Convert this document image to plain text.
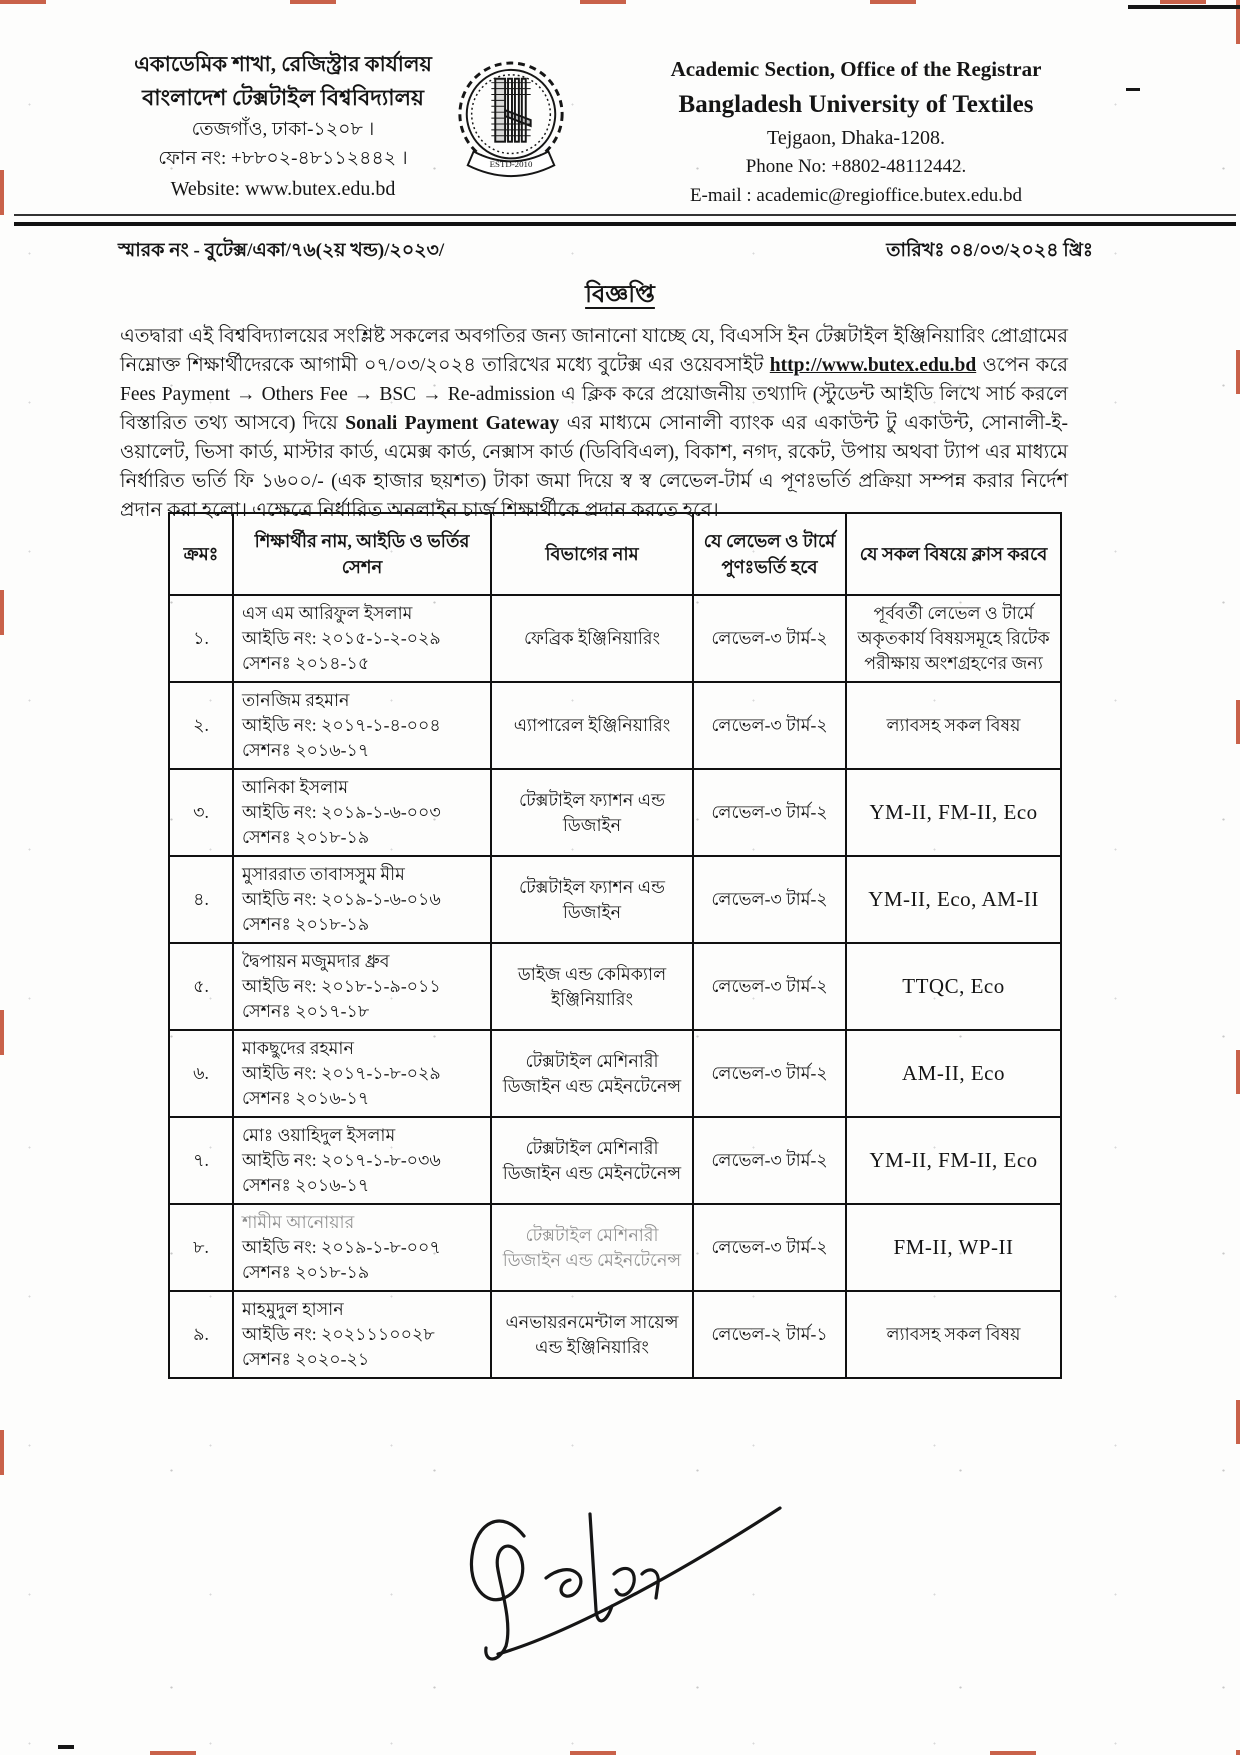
একাডেমিক শাখা, রেজিস্ট্রার কার্যালয়
বাংলাদেশ টেক্সটাইল বিশ্ববিদ্যালয়
তেজগাঁও, ঢাকা-১২০৮ ।
ফোন নং: +৮৮০২-৪৮১১২৪৪২ ।
Website: www.butex.edu.bd
ESTD-2010
Academic Section, Office of the Registrar
Bangladesh University of Textiles
Tejgaon, Dhaka-1208.
Phone No: +8802-48112442.
E-mail : academic@regioffice.butex.edu.bd
স্মারক নং - বুটেক্স/একা/৭৬(২য় খন্ড)/২০২৩/	তারিখঃ ০৪/০৩/২০২৪ খ্রিঃ
বিজ্ঞপ্তি
এতদ্বারা এই বিশ্ববিদ্যালয়ের সংশ্লিষ্ট সকলের অবগতির জন্য জানানো যাচ্ছে যে, বিএসসি ইন টেক্সটাইল ইঞ্জিনিয়ারিং প্রোগ্রামের নিম্নোক্ত শিক্ষার্থীদেরকে আগামী ০৭/০৩/২০২৪ তারিখের মধ্যে বুটেক্স এর ওয়েবসাইট http://www.butex.edu.bd ওপেন করে Fees Payment → Others Fee → BSC → Re-admission এ ক্লিক করে প্রয়োজনীয় তথ্যাদি (স্টুডেন্ট আইডি লিখে সার্চ করলে বিস্তারিত তথ্য আসবে) দিয়ে Sonali Payment Gateway এর মাধ্যমে সোনালী ব্যাংক এর একাউন্ট টু একাউন্ট, সোনালী-ই-ওয়ালেট, ভিসা কার্ড, মাস্টার কার্ড, এমেক্স কার্ড, নেক্সাস কার্ড (ডিবিবিএল), বিকাশ, নগদ, রকেট, উপায় অথবা ট্যাপ এর মাধ্যমে নির্ধারিত ভর্তি ফি ১৬০০/- (এক হাজার ছয়শত) টাকা জমা দিয়ে স্ব স্ব লেভেল-টার্ম এ পূণঃভর্তি প্রক্রিয়া সম্পন্ন করার নির্দেশ প্রদান করা হলো। এক্ষেত্রে নির্ধারিত অনলাইন চার্জ শিক্ষার্থীকে প্রদান করতে হবে।
ক্রমঃ	শিক্ষার্থীর নাম, আইডি ও ভর্তির সেশন	বিভাগের নাম	যে লেভেল ও টার্মে পুণঃভর্তি হবে	যে সকল বিষয়ে ক্লাস করবে
১.	এস এম আরিফুল ইসলাম
আইডি নং: ২০১৫-১-২-০২৯
সেশনঃ ২০১৪-১৫	ফেব্রিক ইঞ্জিনিয়ারিং	লেভেল-৩ টার্ম-২	পূর্ববর্তী লেভেল ও টার্মে অকৃতকার্য বিষয়সমূহে রিটেক পরীক্ষায় অংশগ্রহণের জন্য
২.	তানজিম রহমান
আইডি নং: ২০১৭-১-৪-০০৪
সেশনঃ ২০১৬-১৭	এ্যাপারেল ইঞ্জিনিয়ারিং	লেভেল-৩ টার্ম-২	ল্যাবসহ সকল বিষয়
৩.	আনিকা ইসলাম
আইডি নং: ২০১৯-১-৬-০০৩
সেশনঃ ২০১৮-১৯	টেক্সটাইল ফ্যাশন এন্ড ডিজাইন	লেভেল-৩ টার্ম-২	YM-II, FM-II, Eco
৪.	মুসাররাত তাবাসসুম মীম
আইডি নং: ২০১৯-১-৬-০১৬
সেশনঃ ২০১৮-১৯	টেক্সটাইল ফ্যাশন এন্ড ডিজাইন	লেভেল-৩ টার্ম-২	YM-II, Eco, AM-II
৫.	দ্বৈপায়ন মজুমদার ধ্রুব
আইডি নং: ২০১৮-১-৯-০১১
সেশনঃ ২০১৭-১৮	ডাইজ এন্ড কেমিক্যাল ইঞ্জিনিয়ারিং	লেভেল-৩ টার্ম-২	TTQC, Eco
৬.	মাকছুদের রহমান
আইডি নং: ২০১৭-১-৮-০২৯
সেশনঃ ২০১৬-১৭	টেক্সটাইল মেশিনারী ডিজাইন এন্ড মেইনটেনেন্স	লেভেল-৩ টার্ম-২	AM-II, Eco
৭.	মোঃ ওয়াহিদুল ইসলাম
আইডি নং: ২০১৭-১-৮-০৩৬
সেশনঃ ২০১৬-১৭	টেক্সটাইল মেশিনারী ডিজাইন এন্ড মেইনটেনেন্স	লেভেল-৩ টার্ম-২	YM-II, FM-II, Eco
৮.	শামীম আনোয়ার
আইডি নং: ২০১৯-১-৮-০০৭
সেশনঃ ২০১৮-১৯	টেক্সটাইল মেশিনারী ডিজাইন এন্ড মেইনটেনেন্স	লেভেল-৩ টার্ম-২	FM-II, WP-II
৯.	মাহমুদুল হাসান
আইডি নং: ২০২১১১০০২৮
সেশনঃ ২০২০-২১	এনভায়রনমেন্টাল সায়েন্স এন্ড ইঞ্জিনিয়ারিং	লেভেল-২ টার্ম-১	ল্যাবসহ সকল বিষয়
